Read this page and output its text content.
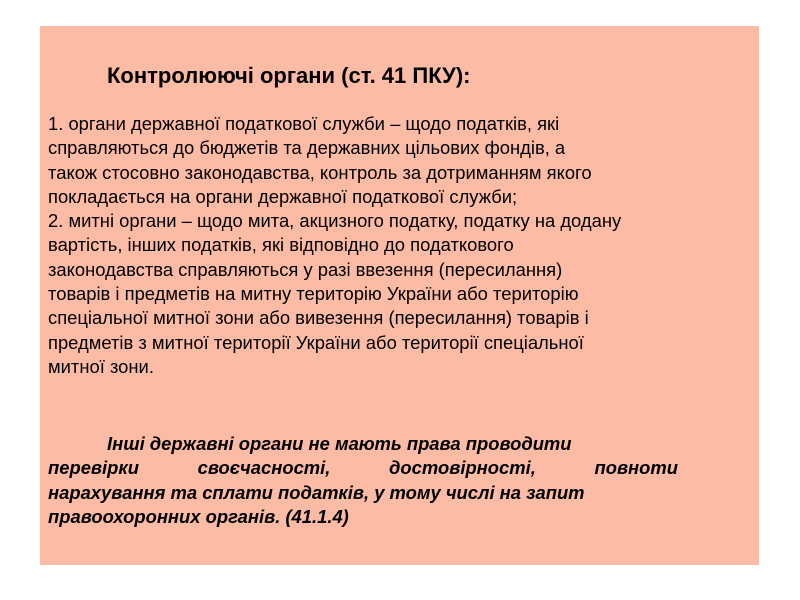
Контролюючі органи (ст. 41 ПКУ):
1. органи державної податкової служби – щодо податків, які
справляються до бюджетів та державних цільових фондів, а
також стосовно законодавства, контроль за дотриманням якого
покладається на органи державної податкової служби;
2. митні органи – щодо мита, акцизного податку, податку на додану
вартість, інших податків, які відповідно до податкового
законодавства справляються у разі ввезення (пересилання)
товарів і предметів на митну територію України або територію
спеціальної митної зони або вивезення (пересилання) товарів і
предметів з митної території України або території спеціальної
митної зони.
Інші державні органи не мають права проводити
перевірки	своєчасності,	достовірності,	повноти
нарахування та сплати податків, у тому числі на запит
правоохоронних органів. (41.1.4)
